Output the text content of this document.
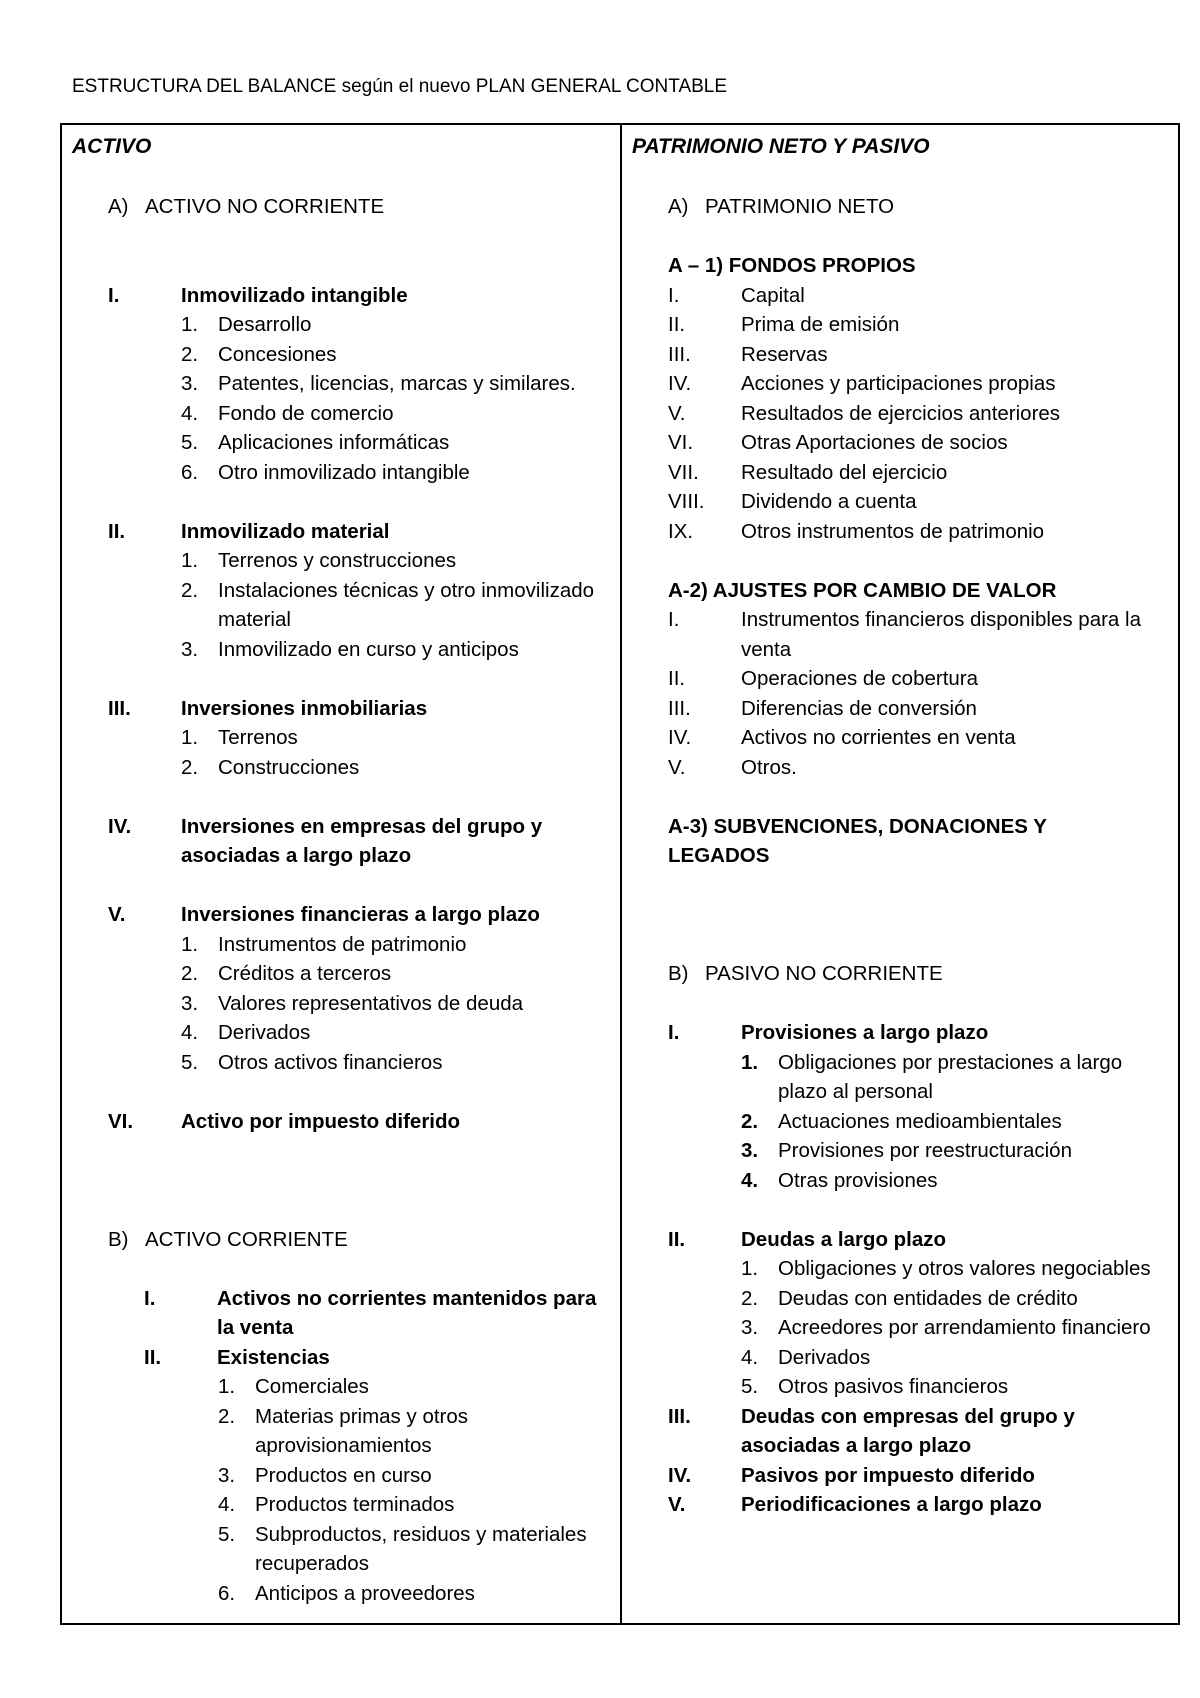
ESTRUCTURA DEL BALANCE según el nuevo PLAN GENERAL CONTABLE
ACTIVO
A) ACTIVO NO CORRIENTE
I.	Inmovilizado intangible
1. Desarrollo
2. Concesiones
3. Patentes, licencias, marcas y similares.
4. Fondo de comercio
5. Aplicaciones informáticas
6. Otro inmovilizado intangible
II.	Inmovilizado material
1. Terrenos y construcciones
2. Instalaciones técnicas y otro inmovilizado material
3. Inmovilizado en curso y anticipos
III.	Inversiones inmobiliarias
1. Terrenos
2. Construcciones
IV.	Inversiones en empresas del grupo y asociadas a largo plazo
V.	Inversiones financieras a largo plazo
1. Instrumentos de patrimonio
2. Créditos a terceros
3. Valores representativos de deuda
4. Derivados
5. Otros activos financieros
VI.	Activo por impuesto diferido
B) ACTIVO CORRIENTE
I.	Activos no corrientes mantenidos para la venta
II.	Existencias
1. Comerciales
2. Materias primas y otros aprovisionamientos
3. Productos en curso
4. Productos terminados
5. Subproductos, residuos y materiales recuperados
6. Anticipos a proveedores
PATRIMONIO NETO Y PASIVO
A) PATRIMONIO NETO
A – 1) FONDOS PROPIOS
I.	Capital
II.	Prima de emisión
III.	Reservas
IV.	Acciones y participaciones propias
V.	Resultados de ejercicios anteriores
VI.	Otras Aportaciones de socios
VII.	Resultado del ejercicio
VIII.	Dividendo a cuenta
IX.	Otros instrumentos de patrimonio
A-2) AJUSTES POR CAMBIO DE VALOR
I.	Instrumentos financieros disponibles para la venta
II.	Operaciones de cobertura
III.	Diferencias de conversión
IV.	Activos no corrientes en venta
V.	Otros.
A-3) SUBVENCIONES, DONACIONES Y LEGADOS
B) PASIVO NO CORRIENTE
I.	Provisiones a largo plazo
1. Obligaciones por prestaciones a largo plazo al personal
2. Actuaciones medioambientales
3. Provisiones por reestructuración
4. Otras provisiones
II.	Deudas a largo plazo
1. Obligaciones y otros valores negociables
2. Deudas con entidades de crédito
3. Acreedores por arrendamiento financiero
4. Derivados
5. Otros pasivos financieros
III.	Deudas con empresas del grupo y asociadas a largo plazo
IV.	Pasivos por impuesto diferido
V.	Periodificaciones a largo plazo
